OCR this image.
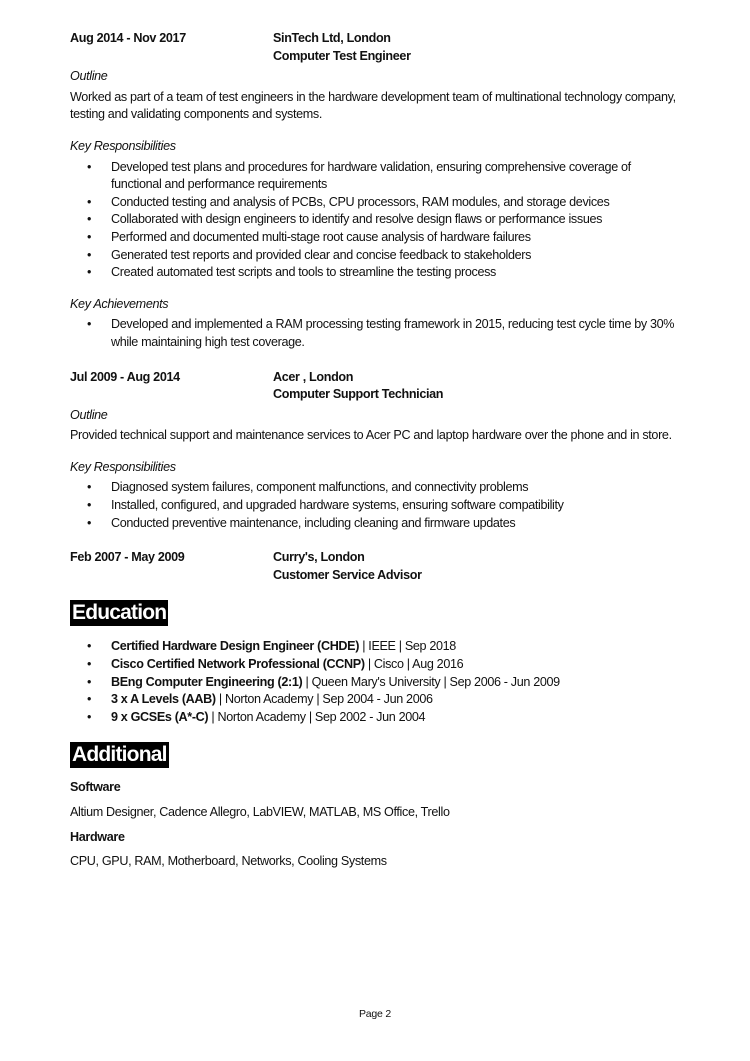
Aug 2014 - Nov 2017	SinTech Ltd, London
Computer Test Engineer
Outline

Worked as part of a team of test engineers in the hardware development team of multinational technology company, testing and validating components and systems.

Key Responsibilities
• Developed test plans and procedures for hardware validation, ensuring comprehensive coverage of functional and performance requirements
• Conducted testing and analysis of PCBs, CPU processors, RAM modules, and storage devices
• Collaborated with design engineers to identify and resolve design flaws or performance issues
• Performed and documented multi-stage root cause analysis of hardware failures
• Generated test reports and provided clear and concise feedback to stakeholders
• Created automated test scripts and tools to streamline the testing process
Key Achievements
• Developed and implemented a RAM processing testing framework in 2015, reducing test cycle time by 30% while maintaining high test coverage.
Jul 2009 - Aug 2014	Acer , London
Computer Support Technician
Outline

Provided technical support and maintenance services to Acer PC and laptop hardware over the phone and in store.

Key Responsibilities
• Diagnosed system failures, component malfunctions, and connectivity problems
• Installed, configured, and upgraded hardware systems, ensuring software compatibility
• Conducted preventive maintenance, including cleaning and firmware updates
Feb 2007 - May 2009	Curry's, London
Customer Service Advisor
Education
• Certified Hardware Design Engineer (CHDE) | IEEE | Sep 2018
• Cisco Certified Network Professional (CCNP) | Cisco | Aug 2016
• BEng Computer Engineering (2:1) | Queen Mary's University | Sep 2006 - Jun 2009
• 3 x A Levels (AAB) | Norton Academy | Sep 2004 - Jun 2006
• 9 x GCSEs (A*-C) | Norton Academy | Sep 2002 - Jun 2004
Additional

Software

Altium Designer, Cadence Allegro, LabVIEW, MATLAB, MS Office, Trello

Hardware

CPU, GPU, RAM, Motherboard, Networks, Cooling Systems

Page 2
